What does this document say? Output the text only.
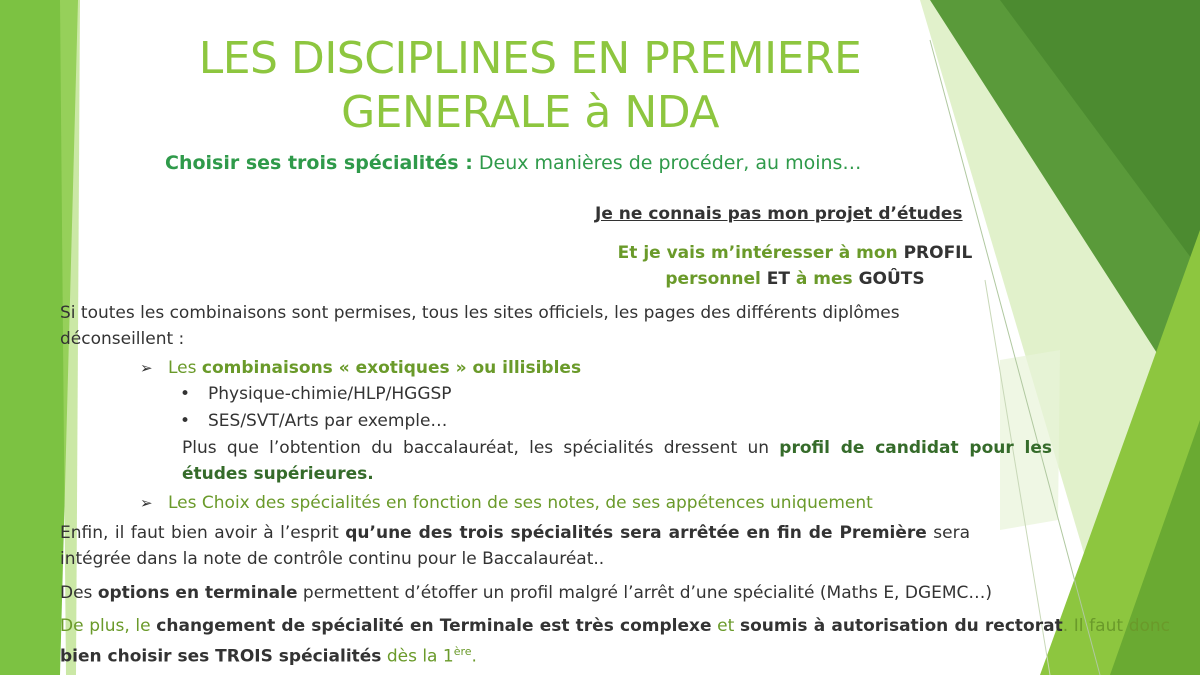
LES DISCIPLINES EN PREMIERE
GENERALE à NDA
Choisir ses trois spécialités : Deux manières de procéder, au moins…
Je ne connais pas mon projet d’études
Et je vais m’intéresser à mon PROFIL
personnel ET à mes GOÛTS
Si toutes les combinaisons sont permises, tous les sites officiels, les pages des différents diplômes déconseillent :
➢ Les combinaisons « exotiques » ou illisibles
• Physique-chimie/HLP/HGGSP
• SES/SVT/Arts par exemple…
Plus que l’obtention du baccalauréat, les spécialités dressent un profil de candidat pour les études supérieures.
➢ Les Choix des spécialités en fonction de ses notes, de ses appétences uniquement
Enfin, il faut bien avoir à l’esprit qu’une des trois spécialités sera arrêtée en fin de Première sera intégrée dans la note de contrôle continu pour le Baccalauréat..
Des options en terminale permettent d’étoffer un profil malgré l’arrêt d’une spécialité (Maths E, DGEMC…)
De plus, le changement de spécialité en Terminale est très complexe et soumis à autorisation du rectorat. Il faut donc bien choisir ses TROIS spécialités dès la 1ère.
